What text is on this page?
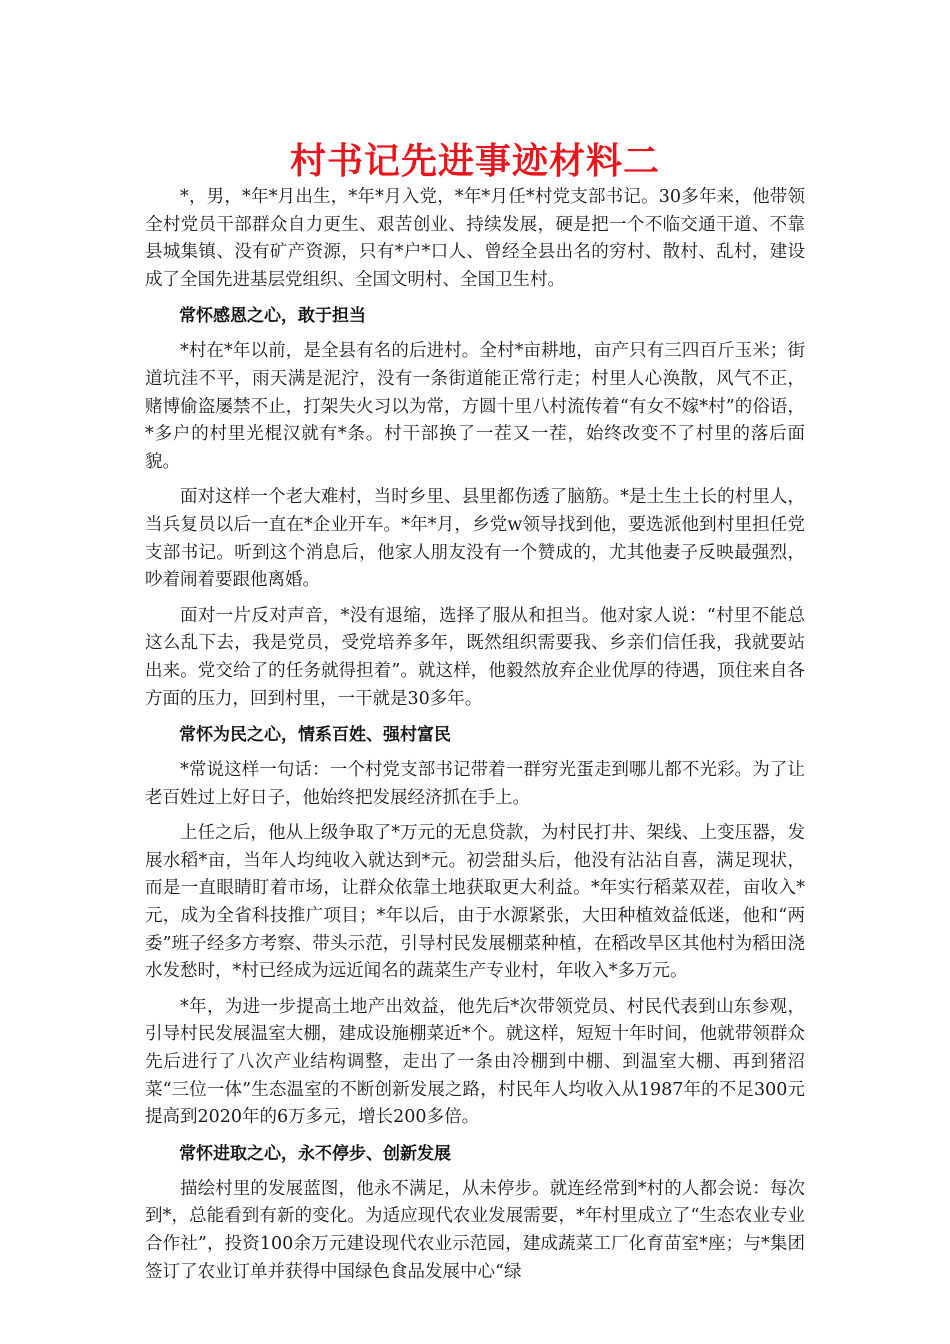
村书记先进事迹材料二

*，男，*年*月出生，*年*月入党，*年*月任*村党支部书记。30多年来，他带领全村党员干部群众自力更生、艰苦创业、持续发展，硬是把一个不临交通干道、不靠县城集镇、没有矿产资源，只有*户*口人、曾经全县出名的穷村、散村、乱村，建设成了全国先进基层党组织、全国文明村、全国卫生村。

常怀感恩之心，敢于担当

*村在*年以前，是全县有名的后进村。全村*亩耕地，亩产只有三四百斤玉米；街道坑洼不平，雨天满是泥泞，没有一条街道能正常行走；村里人心涣散，风气不正，赌博偷盗屡禁不止，打架失火习以为常，方圆十里八村流传着“有女不嫁*村”的俗语，*多户的村里光棍汉就有*条。村干部换了一茬又一茬，始终改变不了村里的落后面貌。

面对这样一个老大难村，当时乡里、县里都伤透了脑筋。*是土生土长的村里人，当兵复员以后一直在*企业开车。*年*月，乡党w领导找到他，要选派他到村里担任党支部书记。听到这个消息后，他家人朋友没有一个赞成的，尤其他妻子反映最强烈，吵着闹着要跟他离婚。

面对一片反对声音，*没有退缩，选择了服从和担当。他对家人说：“村里不能总这么乱下去，我是党员，受党培养多年，既然组织需要我、乡亲们信任我，我就要站出来。党交给了的任务就得担着”。就这样，他毅然放弃企业优厚的待遇，顶住来自各方面的压力，回到村里，一干就是30多年。

常怀为民之心，情系百姓、强村富民

*常说这样一句话：一个村党支部书记带着一群穷光蛋走到哪儿都不光彩。为了让老百姓过上好日子，他始终把发展经济抓在手上。

上任之后，他从上级争取了*万元的无息贷款，为村民打井、架线、上变压器，发展水稻*亩，当年人均纯收入就达到*元。初尝甜头后，他没有沾沾自喜，满足现状，而是一直眼睛盯着市场，让群众依靠土地获取更大利益。*年实行稻菜双茬，亩收入*元，成为全省科技推广项目；*年以后，由于水源紧张，大田种植效益低迷，他和“两委”班子经多方考察、带头示范，引导村民发展棚菜种植，在稻改旱区其他村为稻田浇水发愁时，*村已经成为远近闻名的蔬菜生产专业村，年收入*多万元。

*年，为进一步提高土地产出效益，他先后*次带领党员、村民代表到山东参观，引导村民发展温室大棚，建成设施棚菜近*个。就这样，短短十年时间，他就带领群众先后进行了八次产业结构调整，走出了一条由冷棚到中棚、到温室大棚、再到猪沼菜“三位一体”生态温室的不断创新发展之路，村民年人均收入从1987年的不足300元提高到2020年的6万多元，增长200多倍。

常怀进取之心，永不停步、创新发展

描绘村里的发展蓝图，他永不满足，从未停步。就连经常到*村的人都会说：每次到*，总能看到有新的变化。为适应现代农业发展需要，*年村里成立了“生态农业专业合作社”，投资100余万元建设现代农业示范园，建成蔬菜工厂化育苗室*座；与*集团签订了农业订单并获得中国绿色食品发展中心“绿
